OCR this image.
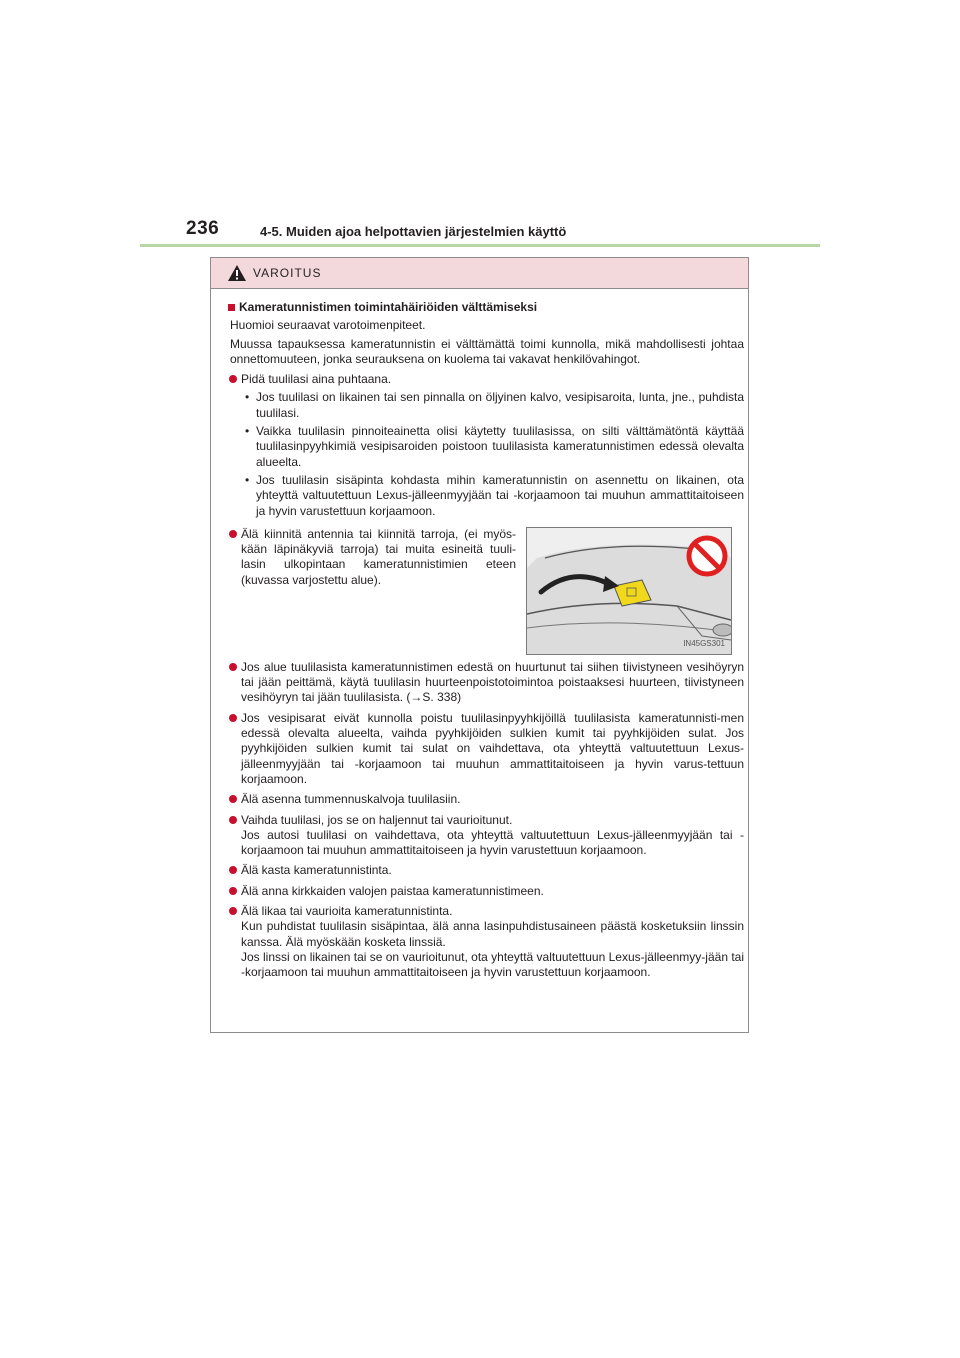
236	4-5. Muiden ajoa helpottavien järjestelmien käyttö
VAROITUS
Kameratunnistimen toimintahäiriöiden välttämiseksi
Huomioi seuraavat varotoimenpiteet.
Muussa tapauksessa kameratunnistin ei välttämättä toimi kunnolla, mikä mahdollisesti johtaa onnettomuuteen, jonka seurauksena on kuolema tai vakavat henkilövahingot.
Pidä tuulilasi aina puhtaana.
• Jos tuulilasi on likainen tai sen pinnalla on öljyinen kalvo, vesipisaroita, lunta, jne., puhdista tuulilasi.
• Vaikka tuulilasin pinnoiteainetta olisi käytetty tuulilasissa, on silti välttämätöntä käyttää tuulilasinpyyhkimiä vesipisaroiden poistoon tuulilasista kameratunnistimen edessä olevalta alueelta.
• Jos tuulilasin sisäpinta kohdasta mihin kameratunnistin on asennettu on likainen, ota yhteyttä valtuutettuun Lexus-jälleenmyyjään tai -korjaamoon tai muuhun ammattitaitoiseen ja hyvin varustettuun korjaamoon.
Älä kiinnitä antennia tai kiinnitä tarroja, (ei myös-kään läpinäkyviä tarroja) tai muita esineitä tuuli-lasin ulkopintaan kameratunnistimien eteen (kuvassa varjostettu alue).
IN45GS301
Jos alue tuulilasista kameratunnistimen edestä on huurtunut tai siihen tiivistyneen vesihöyryn tai jään peittämä, käytä tuulilasin huurteenpoistotoimintoa poistaaksesi huurteen, tiivistyneen vesihöyryn tai jään tuulilasista. (→S. 338)
Jos vesipisarat eivät kunnolla poistu tuulilasinpyyhkijöillä tuulilasista kameratunnisti-men edessä olevalta alueelta, vaihda pyyhkijöiden sulkien kumit tai pyyhkijöiden sulat. Jos pyyhkijöiden sulkien kumit tai sulat on vaihdettava, ota yhteyttä valtuutettuun Lexus-jälleenmyyjään tai -korjaamoon tai muuhun ammattitaitoiseen ja hyvin varus-tettuun korjaamoon.
Älä asenna tummennuskalvoja tuulilasiin.
Vaihda tuulilasi, jos se on haljennut tai vaurioitunut.
Jos autosi tuulilasi on vaihdettava, ota yhteyttä valtuutettuun Lexus-jälleenmyyjään tai -korjaamoon tai muuhun ammattitaitoiseen ja hyvin varustettuun korjaamoon.
Älä kasta kameratunnistinta.
Älä anna kirkkaiden valojen paistaa kameratunnistimeen.
Älä likaa tai vaurioita kameratunnistinta.
Kun puhdistat tuulilasin sisäpintaa, älä anna lasinpuhdistusaineen päästä kosketuksiin linssin kanssa. Älä myöskään kosketa linssiä.
Jos linssi on likainen tai se on vaurioitunut, ota yhteyttä valtuutettuun Lexus-jälleenmyy-jään tai -korjaamoon tai muuhun ammattitaitoiseen ja hyvin varustettuun korjaamoon.
